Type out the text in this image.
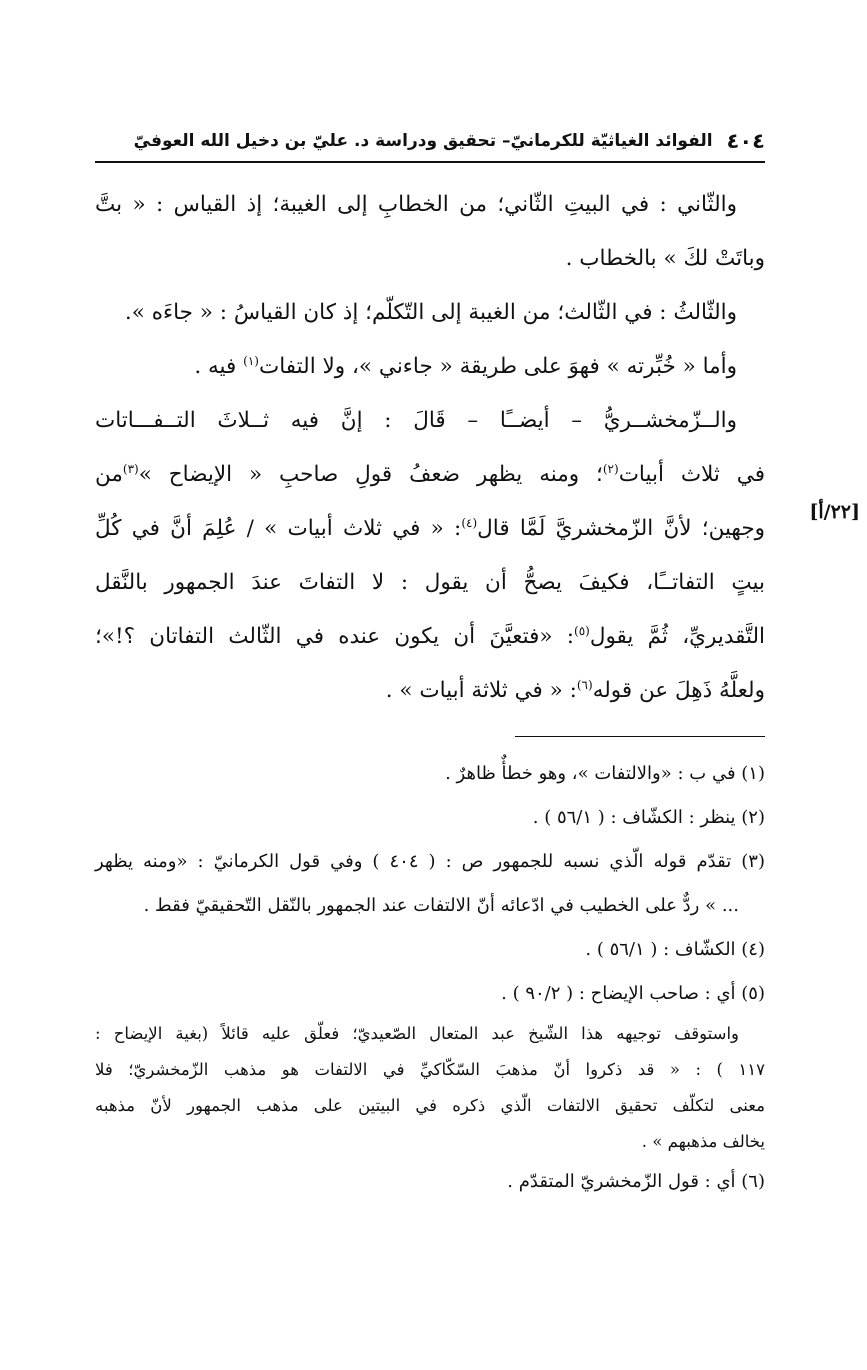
٤٠٤
الفوائد الغياثيّة للكرمانيّ– تحقيق ودراسة د. عليّ بن دخيل الله العوفيّ
والثّاني : في البيتِ الثّاني؛ من الخطابِ إلى الغيبة؛ إذ القياس : « بتَّ
وباتَتْ لكَ » بالخطاب .
والثّالثُ : في الثّالث؛ من الغيبة إلى التّكلّم؛ إذ كان القياسُ : « جاءَه ».
وأما « خُبِّرته » فهوَ على طريقة « جاءني »، ولا التفات$^{(١)}$ فيه .
والــزّمخشــريُّ – أيضــًا – قَالَ : إنَّ فيه ثــلاثَ التــفـــاتات
في ثلاث أبيات$^{(٢)}$؛ ومنه يظهر ضعفُ قولِ صاحبِ « الإيضاح »$^{(٣)}$من
وجهين؛ لأنَّ الزّمخشريَّ لَمَّا قال$^{(٤)}$: « في ثلاث أبيات » / عُلِمَ أنَّ في كُلِّ
بيتٍ التفاتــًا، فكيفَ يصحُّ أن يقول : لا التفاتَ عندَ الجمهور بالنَّقل
التَّقديريِّ، ثُمَّ يقول$^{(٥)}$: «فتعيَّنَ أن يكون عنده في الثّالث التفاتان ؟!»؛
ولعلَّهُ ذَهِلَ عن قوله$^{(٦)}$: « في ثلاثة أبيات » .
[٢٢/أ]
(١) في ب : «والالتفات »، وهو خطأٌ ظاهرٌ .
(٢) ينظر : الكشّاف : ( ٥٦/١ ) .
(٣) تقدّم قوله الّذي نسبه للجمهور ص : ( ٤٠٤ ) وفي قول الكرمانيّ : «ومنه يظهر
... » ردٌّ على الخطيب في ادّعائه أنّ الالتفات عند الجمهور بالنّقل التّحقيقيّ فقط .
(٤) الكشّاف : ( ٥٦/١ ) .
(٥) أي : صاحب الإيضاح : ( ٩٠/٢ ) .
واستوقف توجيهه هذا الشّيخ عبد المتعال الصّعيديّ؛ فعلّق عليه قائلاً (بغية الإيضاح :
١١٧ ) : « قد ذكروا أنّ مذهبَ السّكّاكيِّ في الالتفات هو مذهب الزّمخشريّ؛ فلا
معنى لتكلّف تحقيق الالتفات الّذي ذكره في البيتين على مذهب الجمهور لأنّ مذهبه
يخالف مذهبهم » .
(٦) أي : قول الزّمخشريّ المتقدّم .
